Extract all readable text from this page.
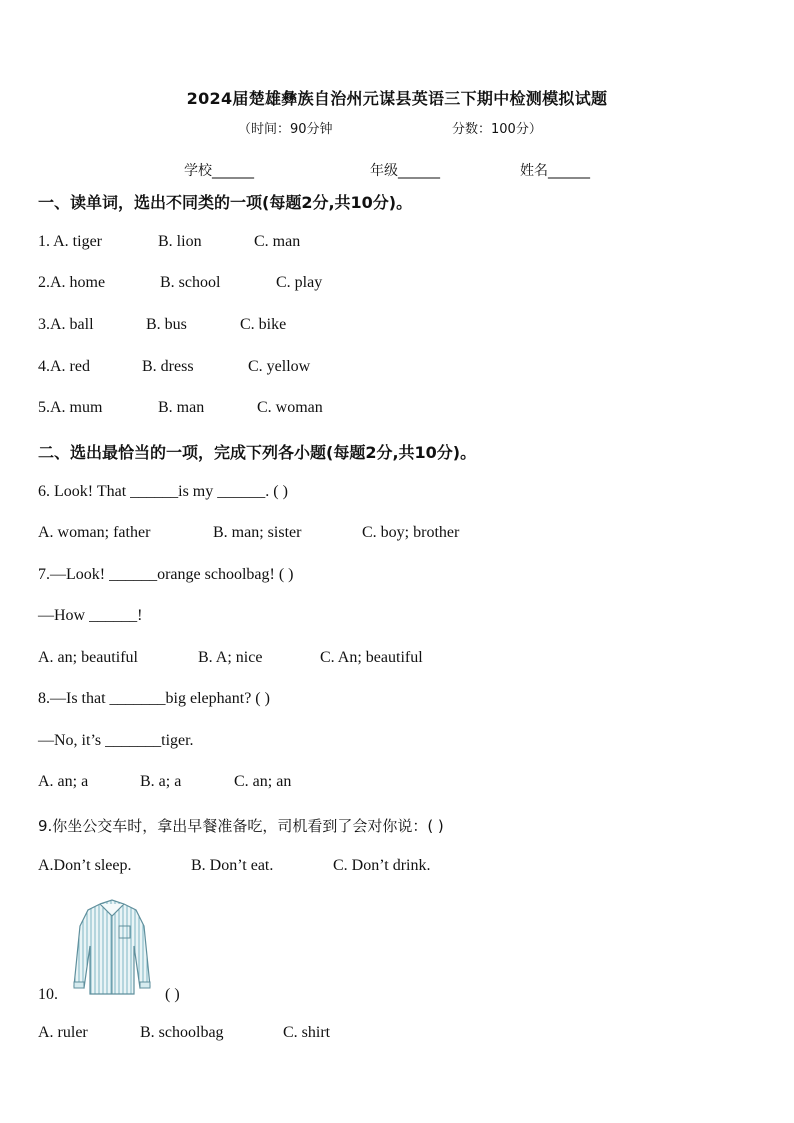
2024届楚雄彝族自治州元谋县英语三下期中检测模拟试题
（时间：90分钟	分数：100分）
学校______	年级______	姓名______
一、读单词，选出不同类的一项(每题2分,共10分)。
1. A. tiger	B. lion	C. man
2.A. home	B. school	C. play
3.A. ball	B. bus	C. bike
4.A. red	B. dress	C. yellow
5.A. mum	B. man	C. woman
二、选出最恰当的一项，完成下列各小题(每题2分,共10分)。
6. Look! That ______is my ______. ( )
A. woman; father	B. man; sister	C. boy; brother
7.—Look! ______orange schoolbag! ( )
—How ______!
A. an; beautiful	B. A; nice	C. An; beautiful
8.—Is that _______big elephant? ( )
—No, it’s _______tiger.
A. an; a	B. a; a	C. an; an
9.你坐公交车时，拿出早餐准备吃，司机看到了会对你说：( )
A.Don’t sleep.	B. Don’t eat.	C. Don’t drink.
10.	( )
A. ruler	B. schoolbag	C. shirt
